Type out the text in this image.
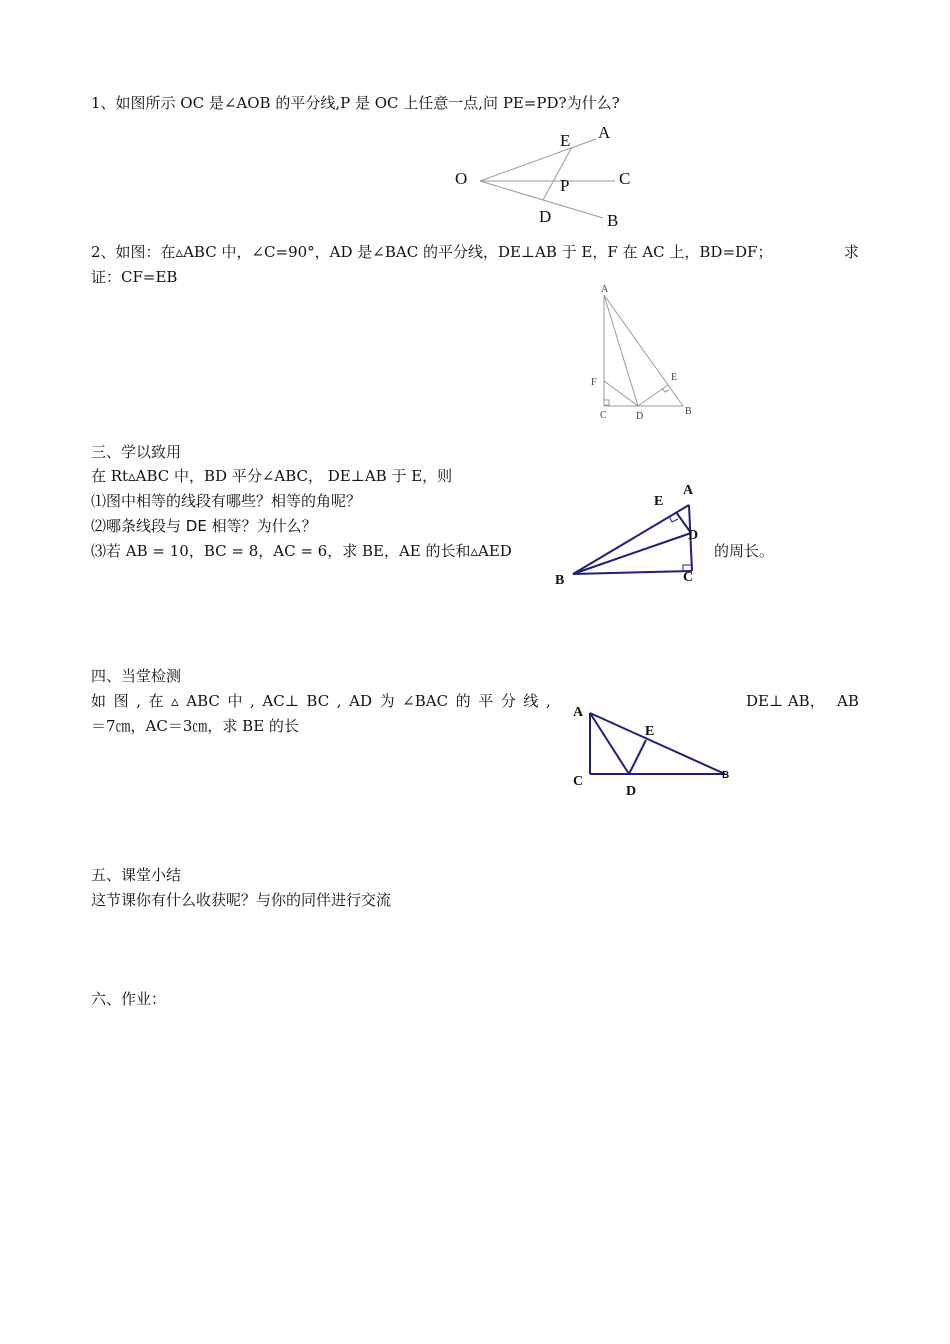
1、如图所示 OC 是∠AOB 的平分线,P 是 OC 上任意一点,问 PE=PD?为什么?
A
E
O	C
P
D	B
2、如图：在▵ABC 中，∠C=90°，AD 是∠BAC 的平分线，DE⊥AB 于 E，F 在 AC 上，BD=DF；	求
证：CF=EB
A
F	E
C	D	B
三、学以致用
在 Rt▵ABC 中，BD 平分∠ABC， DE⊥AB 于 E，则
⑴图中相等的线段有哪些？相等的角呢？
⑵哪条线段与 DE 相等？为什么？
⑶若 AB = 10，BC = 8，AC = 6，求 BE，AE 的长和▵AED	的周长。
A
E
D
C
B
四、当堂检测
如 图 , 在 ▵ ABC 中 , AC⊥ BC , AD 为 ∠BAC 的 平 分 线 ,	DE⊥ AB， AB
＝7㎝，AC＝3㎝，求 BE 的长
A
E
C
D
B
五、课堂小结
这节课你有什么收获呢？与你的同伴进行交流
六、作业：
